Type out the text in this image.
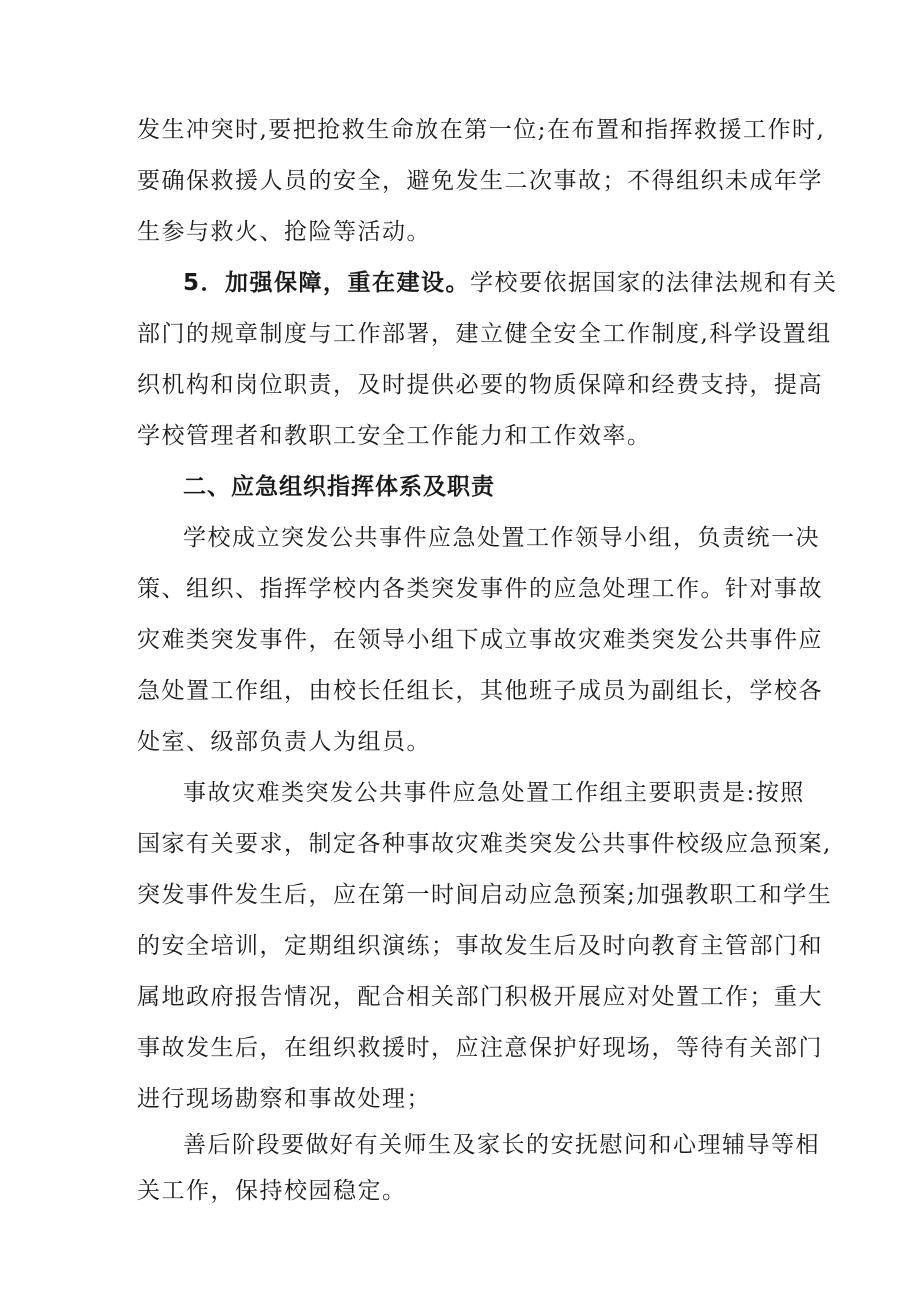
发生冲突时,要把抢救生命放在第一位;在布置和指挥救援工作时,
要确保救援人员的安全，避免发生二次事故；不得组织未成年学
生参与救火、抢险等活动。
5．加强保障，重在建设。学校要依据国家的法律法规和有关
部门的规章制度与工作部署，建立健全安全工作制度,科学设置组
织机构和岗位职责，及时提供必要的物质保障和经费支持，提高
学校管理者和教职工安全工作能力和工作效率。
二、应急组织指挥体系及职责
学校成立突发公共事件应急处置工作领导小组，负责统一决
策、组织、指挥学校内各类突发事件的应急处理工作。针对事故
灾难类突发事件，在领导小组下成立事故灾难类突发公共事件应
急处置工作组，由校长任组长，其他班子成员为副组长，学校各
处室、级部负责人为组员。
事故灾难类突发公共事件应急处置工作组主要职责是:按照
国家有关要求，制定各种事故灾难类突发公共事件校级应急预案,
突发事件发生后，应在第一时间启动应急预案;加强教职工和学生
的安全培训，定期组织演练；事故发生后及时向教育主管部门和
属地政府报告情况，配合相关部门积极开展应对处置工作；重大
事故发生后，在组织救援时，应注意保护好现场，等待有关部门
进行现场勘察和事故处理；
善后阶段要做好有关师生及家长的安抚慰问和心理辅导等相
关工作，保持校园稳定。
